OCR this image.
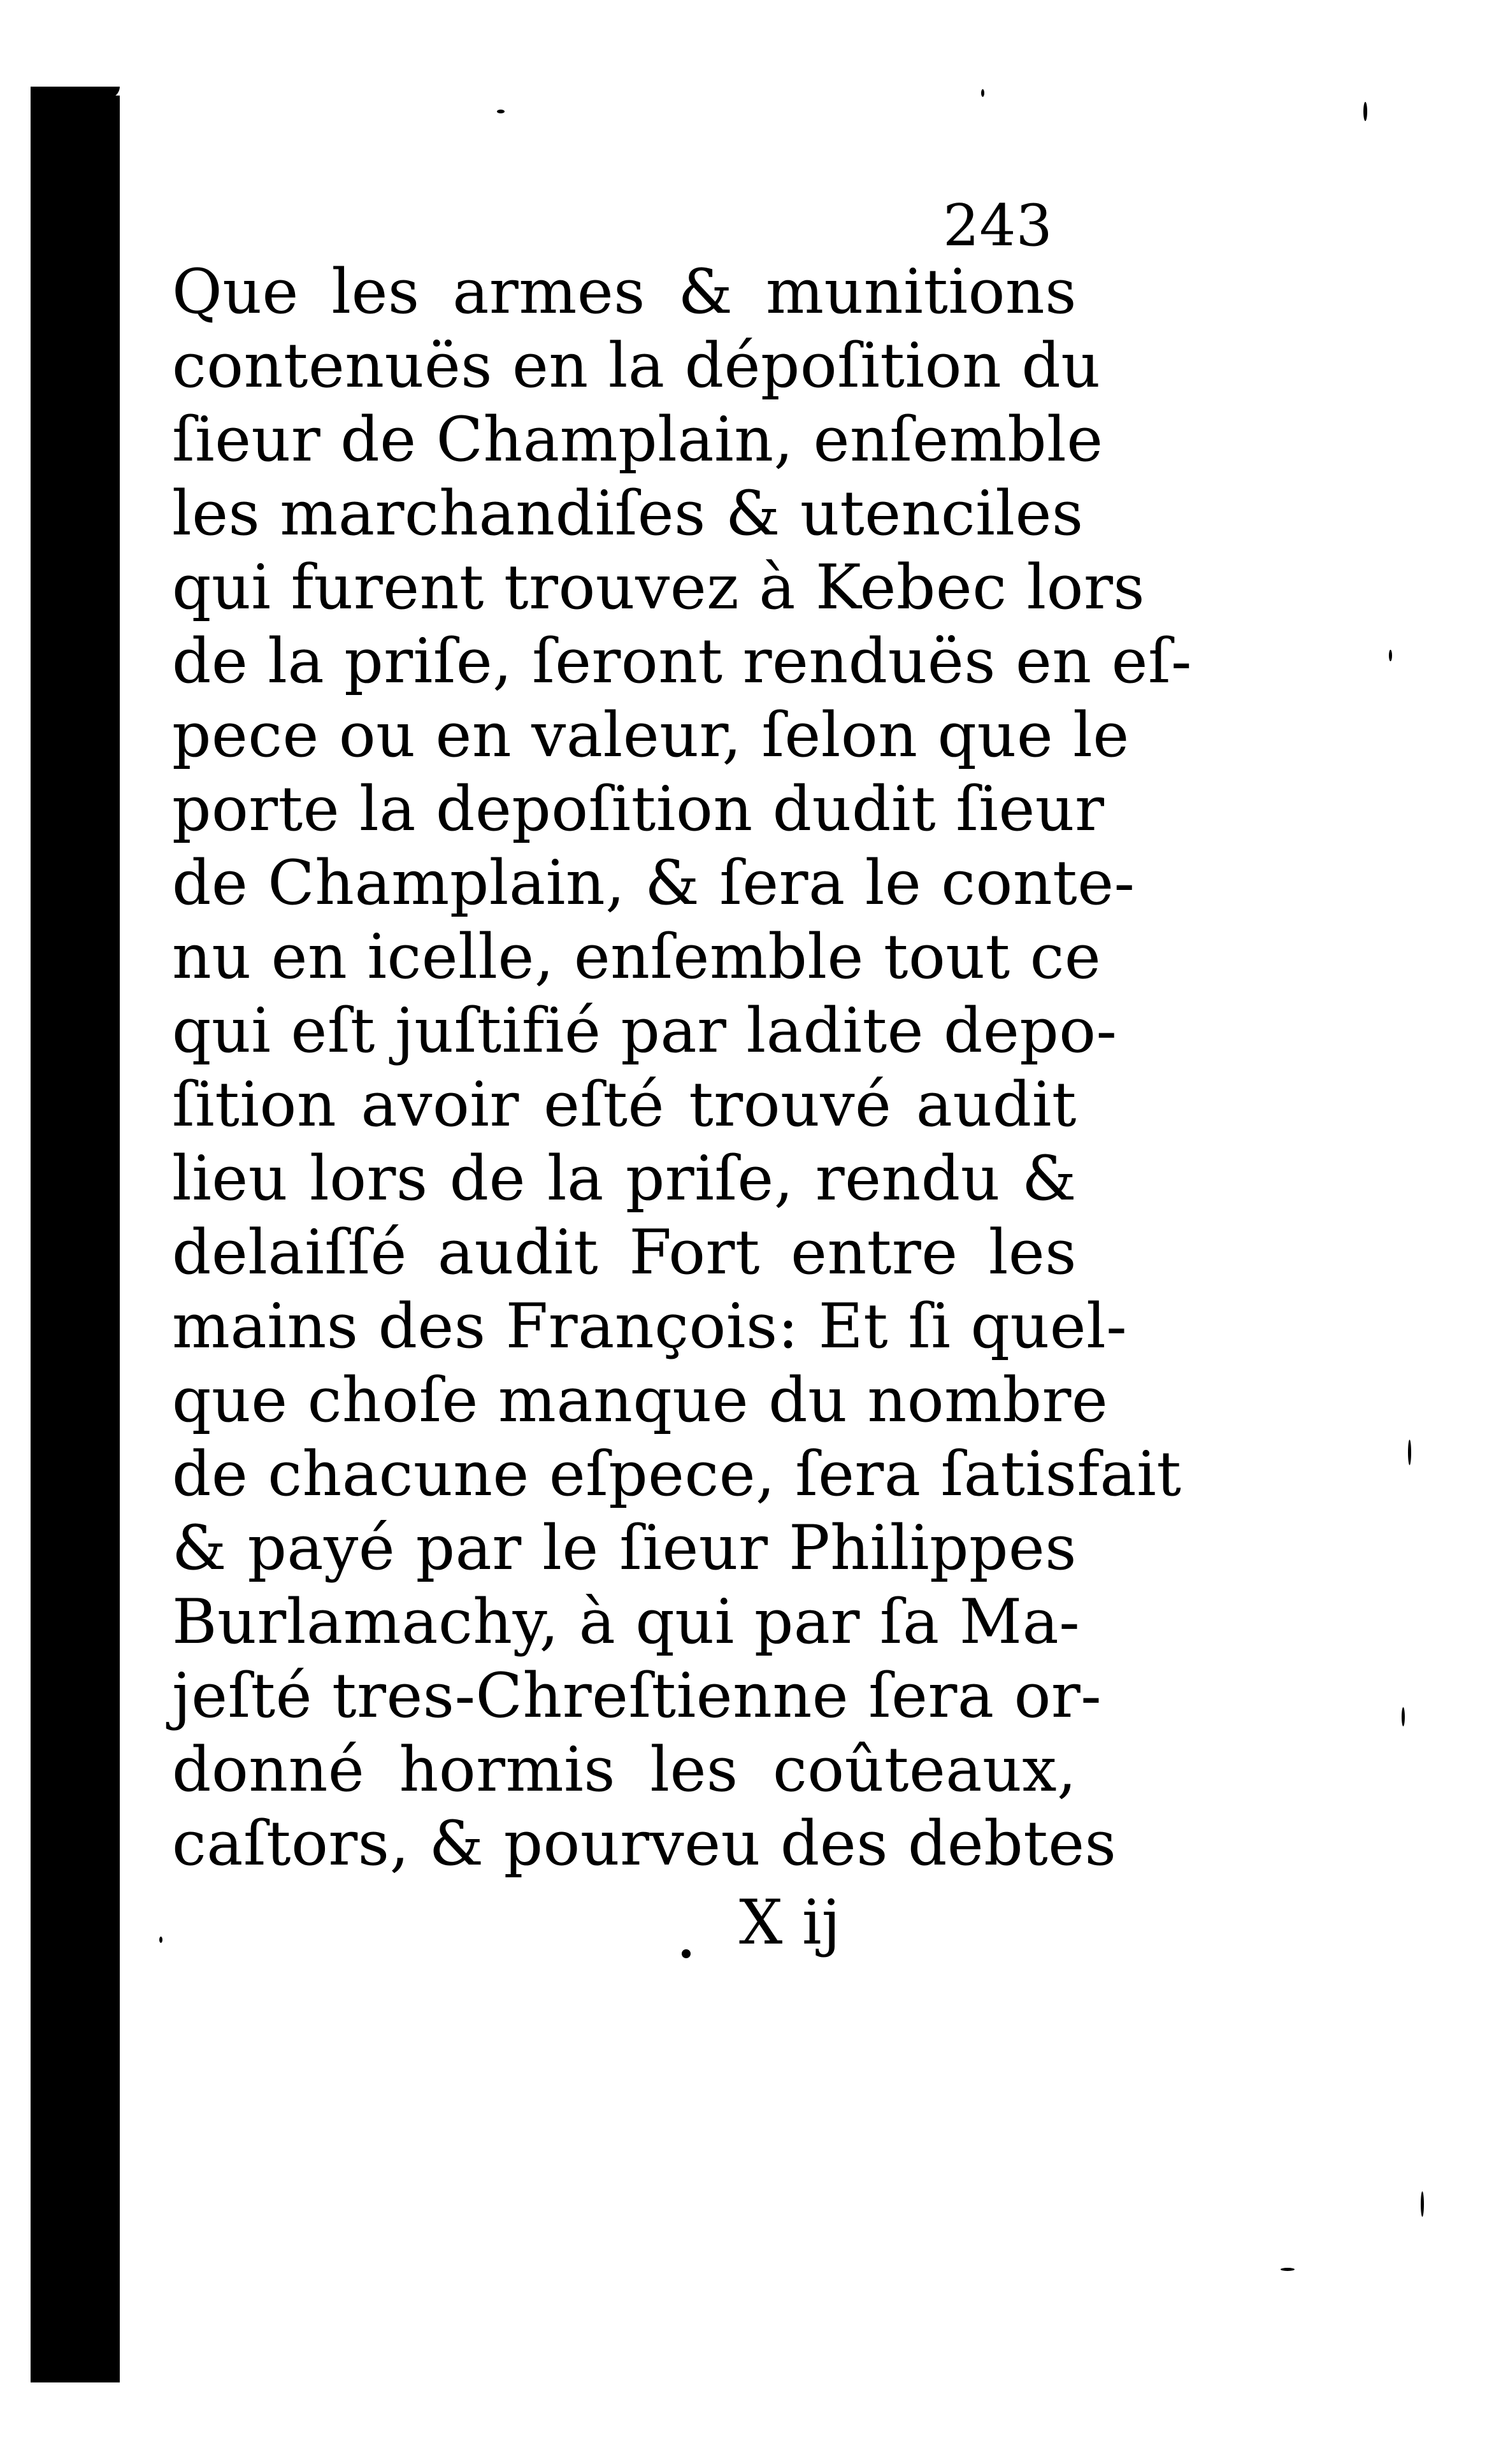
243
Que les armes & munitions
contenuës en la dépoſition du
ſieur de Champlain, enſemble
les marchandiſes & utenciles
qui furent trouvez à Kebec lors
de la priſe, ſeront renduës en eſ-
pece ou en valeur, ſelon que le
porte la depoſition dudit ſieur
de Champlain, & ſera le conte-
nu en icelle, enſemble tout ce
qui eſt juſtifié par ladite depo-
ſition avoir eſté trouvé audit
lieu lors de la priſe, rendu &
delaiſſé audit Fort entre les
mains des François: Et ſi quel-
que choſe manque du nombre
de chacune eſpece, ſera ſatisfait
& payé par le ſieur Philippes
Burlamachy, à qui par ſa Ma-
jeſté tres-Chreſtienne ſera or-
donné hormis les coûteaux,
caſtors, & pourveu des debtes
X ij
